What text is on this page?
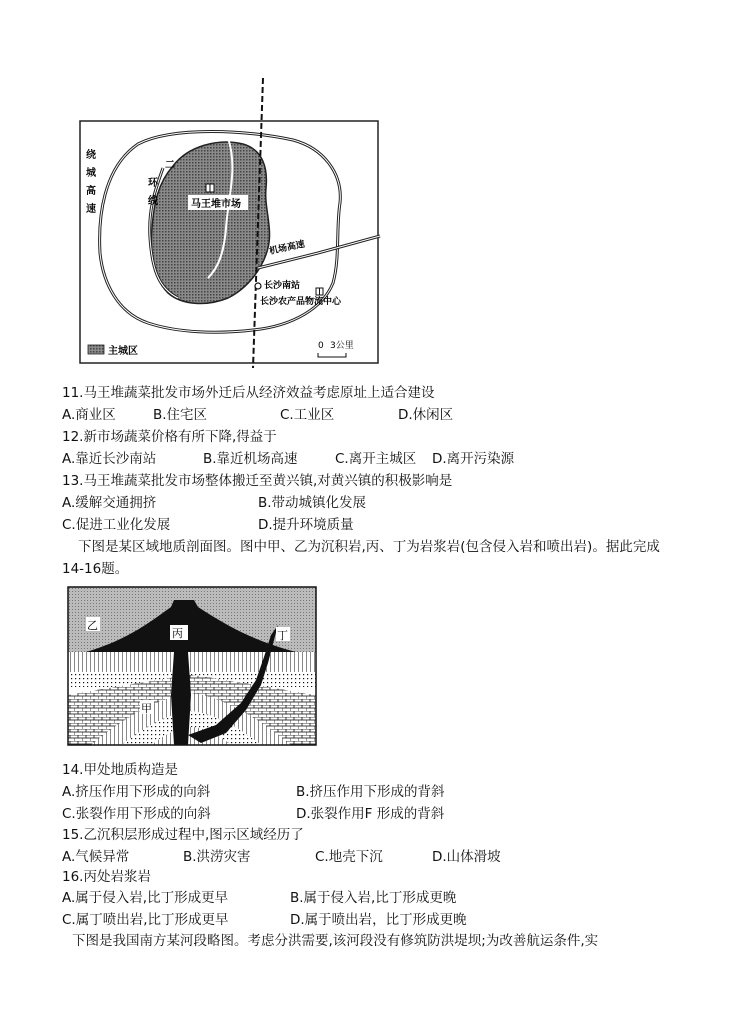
马王堆市场
长沙南站
长沙农产品物流中心
机场高速
绕
城
高
速
二
环
线
主城区	0 3公里
11.马王堆蔬菜批发市场外迁后从经济效益考虑原址上适合建设
A.商业区	B.住宅区	C.工业区	D.休闲区
12.新市场蔬菜价格有所下降,得益于
A.靠近长沙南站	B.靠近机场高速	C.离开主城区 D.离开污染源
13.马王堆蔬菜批发市场整体搬迁至黄兴镇,对黄兴镇的积极影响是
A.缓解交通拥挤	B.带动城镇化发展
C.促进工业化发展	D.提升环境质量
下图是某区域地质剖面图。图中甲、乙为沉积岩,丙、丁为岩浆岩(包含侵入岩和喷出岩)。据此完成
14-16题。
乙
丙	丁
甲
14.甲处地质构造是
A.挤压作用下形成的向斜	B.挤压作用下形成的背斜
C.张裂作用下形成的向斜	D.张裂作用F 形成的背斜
15.乙沉积层形成过程中,图示区域经历了
A.气候异常	B.洪涝灾害	C.地壳下沉	D.山体滑坡
16.丙处岩浆岩
A.属于侵入岩,比丁形成更早	B.属于侵入岩,比丁形成更晚
C.属丁喷出岩,比丁形成更早	D.属于喷出岩，比丁形成更晚
下图是我国南方某河段略图。考虑分洪需要,该河段没有修筑防洪堤坝;为改善航运条件,实
